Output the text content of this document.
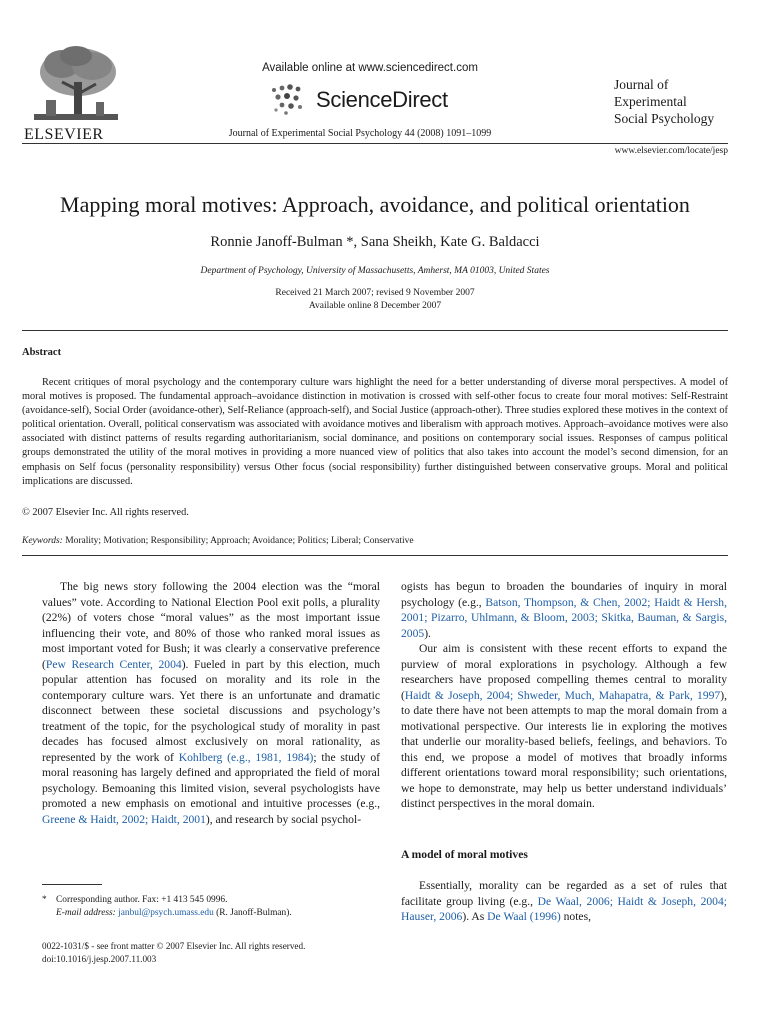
ELSEVIER
Available online at www.sciencedirect.com
ScienceDirect
Journal of Experimental Social Psychology 44 (2008) 1091–1099
Journal of
Experimental
Social Psychology
www.elsevier.com/locate/jesp
Mapping moral motives: Approach, avoidance, and political orientation
Ronnie Janoff-Bulman *, Sana Sheikh, Kate G. Baldacci
Department of Psychology, University of Massachusetts, Amherst, MA 01003, United States
Received 21 March 2007; revised 9 November 2007
Available online 8 December 2007
Abstract
Recent critiques of moral psychology and the contemporary culture wars highlight the need for a better understanding of diverse moral perspectives. A model of moral motives is proposed. The fundamental approach–avoidance distinction in motivation is crossed with self-other focus to create four moral motives: Self-Restraint (avoidance-self), Social Order (avoidance-other), Self-Reliance (approach-self), and Social Justice (approach-other). Three studies explored these motives in the context of political orientation. Overall, political conservatism was associated with avoidance motives and liberalism with approach motives. Approach–avoidance motives were also associated with distinct patterns of results regarding authoritarianism, social dominance, and positions on contemporary social issues. Responses of campus political groups demonstrated the utility of the moral motives in providing a more nuanced view of politics that also takes into account the model’s second dimension, for an emphasis on Self focus (personality responsibility) versus Other focus (social responsibility) further distinguished between conservative groups. Moral and political implications are discussed.
© 2007 Elsevier Inc. All rights reserved.
Keywords: Morality; Motivation; Responsibility; Approach; Avoidance; Politics; Liberal; Conservative

The big news story following the 2004 election was the “moral values” vote. According to National Election Pool exit polls, a plurality (22%) of voters chose “moral values” as the most important issue influencing their vote, and 80% of those who ranked moral issues as most important voted for Bush; it was clearly a conservative preference (Pew Research Center, 2004). Fueled in part by this election, much popular attention has focused on morality and its role in the contemporary culture wars. Yet there is an unfortunate and dramatic disconnect between these societal discussions and psychology’s treatment of the topic, for the psychological study of morality in past decades has focused almost exclusively on moral rationality, as represented by the work of Kohlberg (e.g., 1981, 1984); the study of moral reasoning has largely defined and appropriated the field of moral psychology. Bemoaning this limited vision, several psychologists have promoted a new emphasis on emotional and intuitive processes (e.g., Greene & Haidt, 2002; Haidt, 2001), and research by social psychol-

ogists has begun to broaden the boundaries of inquiry in moral psychology (e.g., Batson, Thompson, & Chen, 2002; Haidt & Hersh, 2001; Pizarro, Uhlmann, & Bloom, 2003; Skitka, Bauman, & Sargis, 2005).

Our aim is consistent with these recent efforts to expand the purview of moral explorations in psychology. Although a few researchers have proposed compelling themes central to morality (Haidt & Joseph, 2004; Shweder, Much, Mahapatra, & Park, 1997), to date there have not been attempts to map the moral domain from a motivational perspective. Our interests lie in exploring the motives that underlie our morality-based beliefs, feelings, and behaviors. To this end, we propose a model of motives that broadly informs different orientations toward moral responsibility; such orientations, we hope to demonstrate, may help us better understand individuals’ distinct perspectives in the moral domain.

A model of moral motives

Essentially, morality can be regarded as a set of rules that facilitate group living (e.g., De Waal, 2006; Haidt & Joseph, 2004; Hauser, 2006). As De Waal (1996) notes,

* Corresponding author. Fax: +1 413 545 0996.
E-mail address: janbul@psych.umass.edu (R. Janoff-Bulman).
0022-1031/$ - see front matter © 2007 Elsevier Inc. All rights reserved.
doi:10.1016/j.jesp.2007.11.003
